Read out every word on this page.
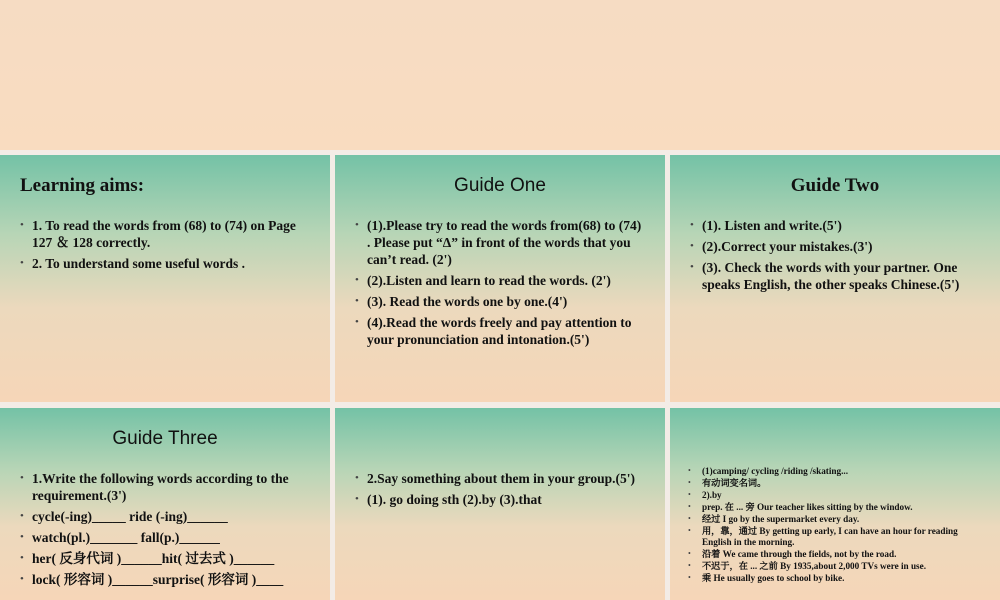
Learning aims:
• 1. To read the words from (68) to (74) on Page 127 ＆ 128 correctly.
• 2. To understand some useful words .
Guide One
• (1).Please try to read the words from(68) to (74) . Please put “Δ” in front of the words that you can’t read. (2')
• (2).Listen and learn to read the words. (2')
• (3). Read the words one by one.(4')
• (4).Read the words freely and pay attention to your pronunciation and intonation.(5')
Guide Two
• (1). Listen and write.(5')
• (2).Correct your mistakes.(3')
• (3). Check the words with your partner. One speaks English, the other speaks Chinese.(5')
Guide Three
• 1.Write the following words according to the requirement.(3')
• cycle(-ing)_____ ride (-ing)______
• watch(pl.)_______ fall(p.)______
• her( 反身代词 )______hit( 过去式 )______
• lock( 形容词 )______surprise( 形容词 )____
• 2.Say something about them in your group.(5')
• (1). go doing sth (2).by (3).that
• (1)camping/ cycling /riding /skating...
• 有动词变名词。
• 2).by
• prep. 在 ... 旁 Our teacher likes sitting by the window.
• 经过 I go by the supermarket every day.
• 用，靠，通过 By getting up early, I can have an hour for reading English in the morning.
• 沿着 We came through the fields, not by the road.
• 不迟于，在 ... 之前 By 1935,about 2,000 TVs were in use.
• 乘 He usually goes to school by bike.
